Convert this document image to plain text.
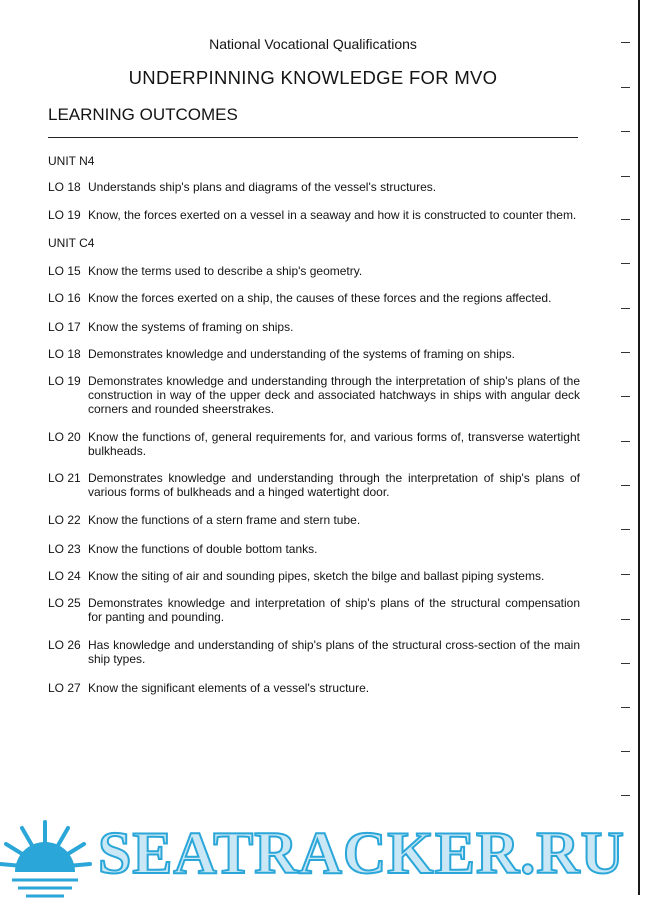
National Vocational Qualifications
UNDERPINNING KNOWLEDGE FOR MVO
LEARNING OUTCOMES
UNIT N4
LO 18 Understands ship's plans and diagrams of the vessel's structures.
LO 19 Know, the forces exerted on a vessel in a seaway and how it is constructed to counter them.
UNIT C4
LO 15 Know the terms used to describe a ship's geometry.
LO 16 Know the forces exerted on a ship, the causes of these forces and the regions affected.
LO 17 Know the systems of framing on ships.
LO 18 Demonstrates knowledge and understanding of the systems of framing on ships.
LO 19 Demonstrates knowledge and understanding through the interpretation of ship's plans of the construction in way of the upper deck and associated hatchways in ships with angular deck corners and rounded sheerstrakes.
LO 20 Know the functions of, general requirements for, and various forms of, transverse watertight bulkheads.
LO 21 Demonstrates knowledge and understanding through the interpretation of ship's plans of various forms of bulkheads and a hinged watertight door.
LO 22 Know the functions of a stern frame and stern tube.
LO 23 Know the functions of double bottom tanks.
LO 24 Know the siting of air and sounding pipes, sketch the bilge and ballast piping systems.
LO 25 Demonstrates knowledge and interpretation of ship's plans of the structural compensation for panting and pounding.
LO 26 Has knowledge and understanding of ship's plans of the structural cross-section of the main ship types.
LO 27 Know the significant elements of a vessel's structure.
SEATRACKER.RU
